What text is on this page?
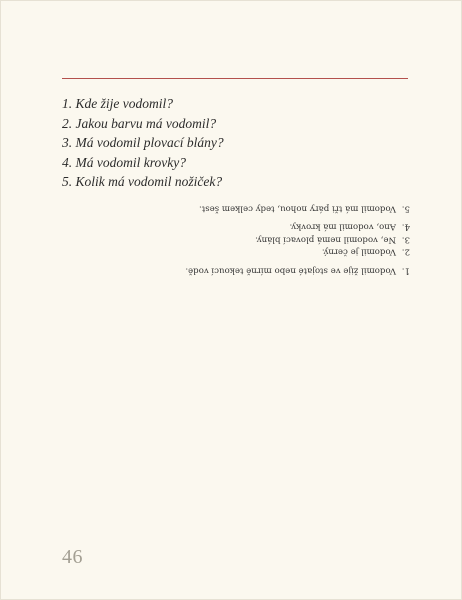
1. Kde žije vodomil?
2. Jakou barvu má vodomil?
3. Má vodomil plovací blány?
4. Má vodomil krovky?
5. Kolik má vodomil nožiček?
1.
Vodomil žije ve stojaté nebo mírně tekoucí vodě.
2.
Vodomil je černý.
3.
Ne, vodomil nemá plovací blány.
4.
Ano, vodomil má krovky.
5.
Vodomil má tři páry nohou, tedy celkem šest.
46
